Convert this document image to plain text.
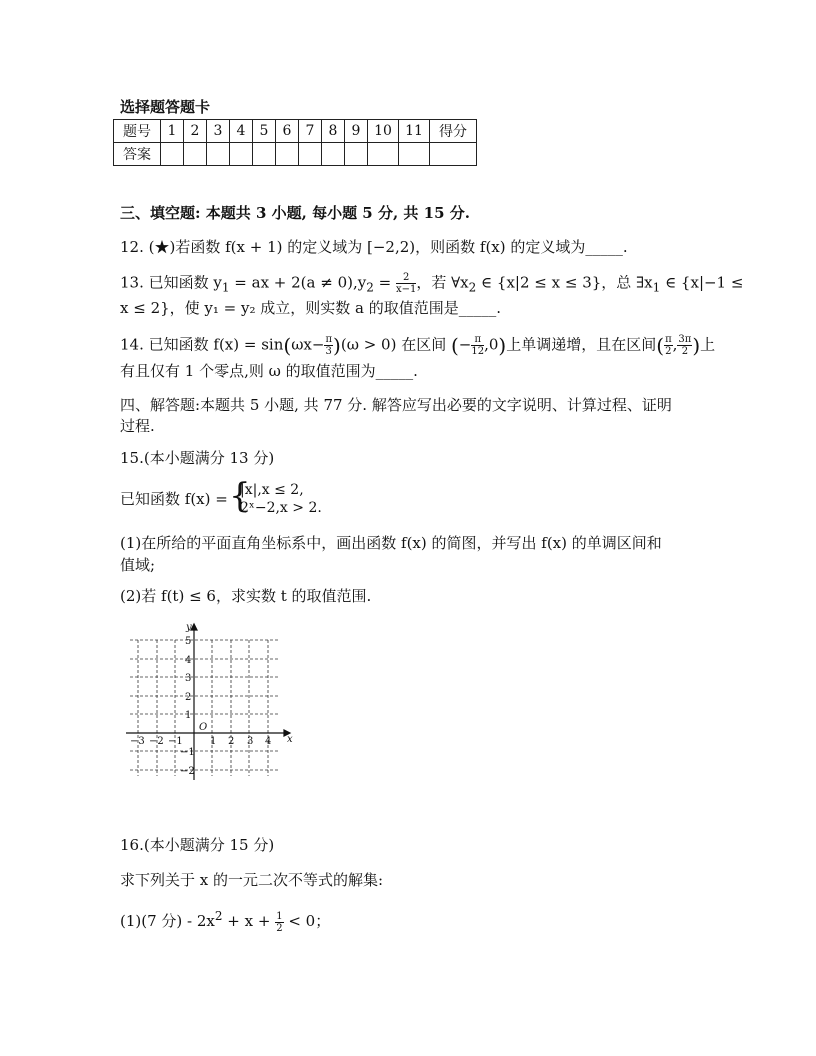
选择题答题卡
题号	1	2	3	4	5	6	7	8	9	10	11	得分
答案												
三、填空题: 本题共 3 小题, 每小题 5 分, 共 15 分.
12. (★)若函数 f(x + 1) 的定义域为 [−2,2)，则函数 f(x) 的定义域为_____.
13. 已知函数 $y_1$ = ax + $2(a \ne 0),y_2 = \frac{2}{x-1}$ ，若 $\forall x_2$ ∈ {x|2 ≤ x ≤ 3}，总 $\exists x_1$ ∈ {x|−1 ≤
x ≤ 2}，使 y₁ = y₂ 成立，则实数 a 的取值范围是_____.
14. 已知函数 $f(x) = \sin(\omega x- \frac{\pi}{3} )(\omega > 0)$ 在区间 (− $\frac{\pi}{12} ,0$)上单调递增，且在区间( $\frac{\pi}{2}$ , $\frac{3\pi}{2}$ )上
有且仅有 1 个零点,则 ω 的取值范围为_____.
四、解答题:本题共 5 小题, 共 77 分. 解答应写出必要的文字说明、计算过程、证明
过程.
15.(本小题满分 13 分)
已知函数 f(x) = {
|x|,x ≤ 2,
2ˣ−2,x > 2.
(1)在所给的平面直角坐标系中，画出函数 f(x) 的简图，并写出 f(x) 的单调区间和
值域;
(2)若 f(t) ≤ 6，求实数 t 的取值范围.
x
y
O
−3 −2 −1	1 2 3 4
5
4
3
2
1
−1
−2
16.(本小题满分 15 分)
求下列关于 x 的一元二次不等式的解集:
(1)(7 分) - $2x^2 + x + \frac{1}{2} < 0$；
